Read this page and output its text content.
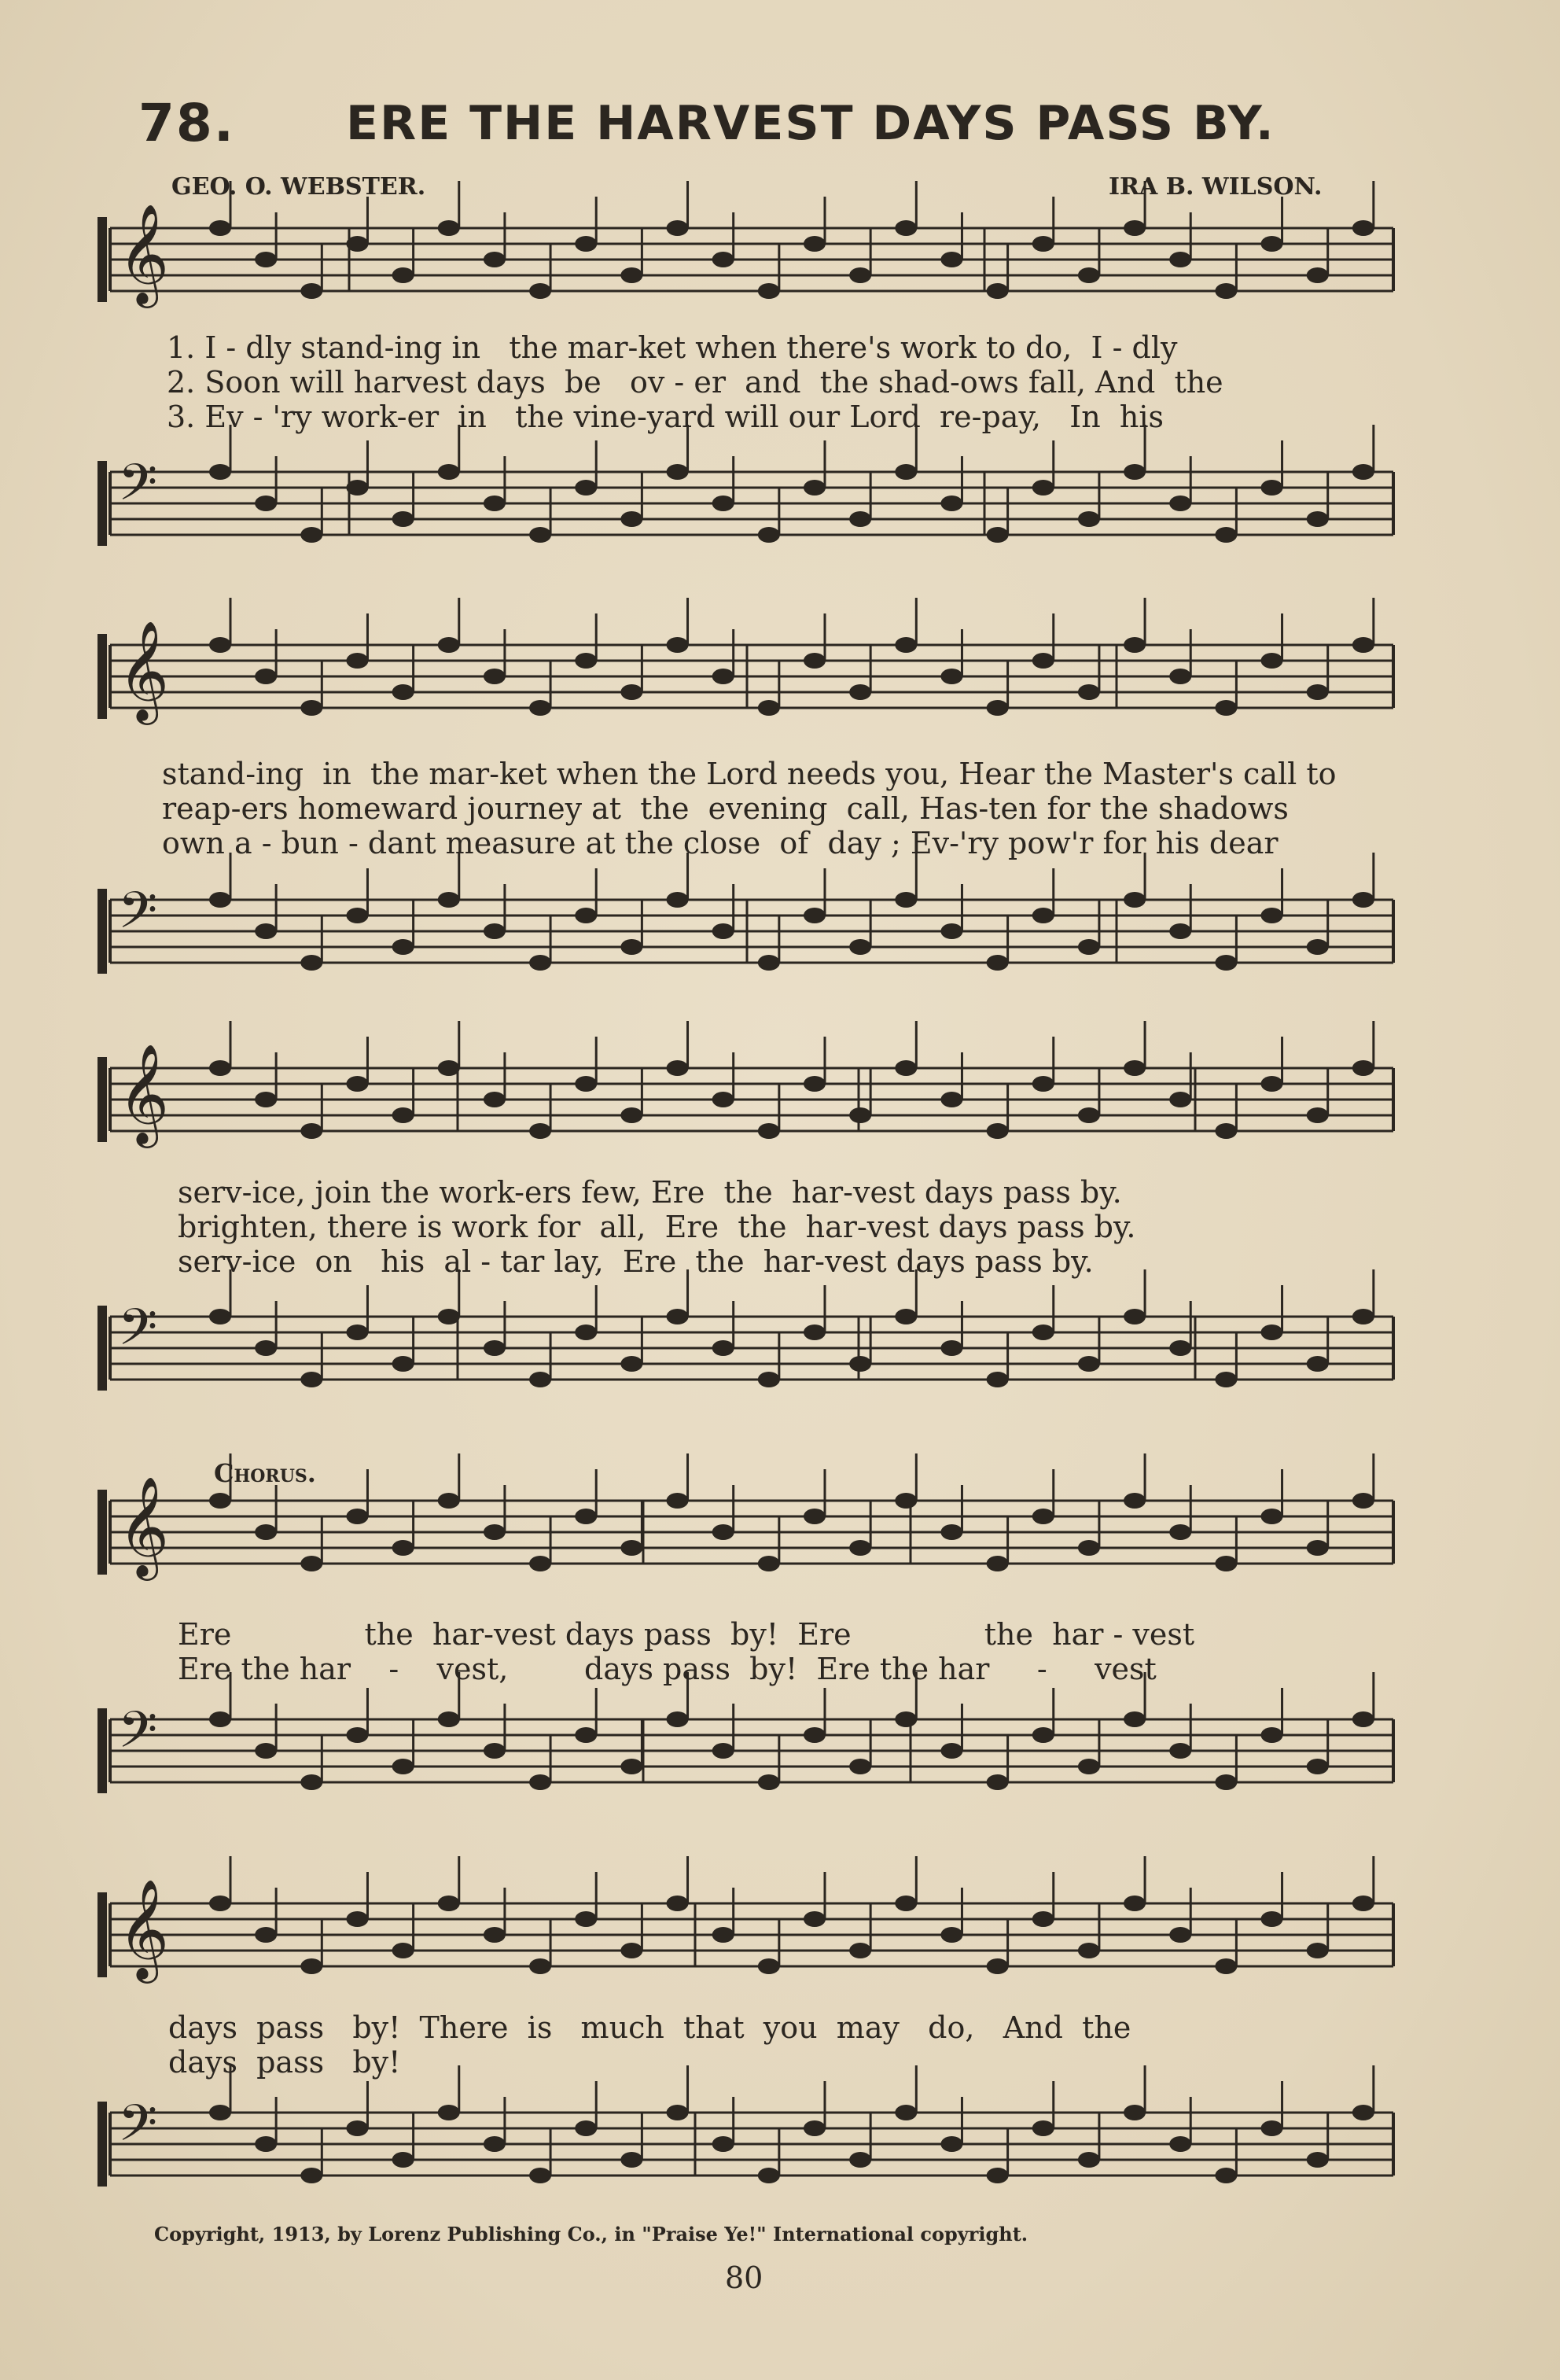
78. ERE THE HARVEST DAYS PASS BY.
GEO. O. WEBSTER.	IRA B. WILSON.
𝄞
1. I - dly stand-ing in   the mar-ket when there's work to do,  I - dly
2. Soon will harvest days  be   ov - er  and  the shad-ows fall, And  the
3. Ev - 'ry work-er  in   the vine-yard will our Lord  re-pay,   In  his
𝄢
𝄞
stand-ing  in  the mar-ket when the Lord needs you, Hear the Master's call to
reap-ers homeward journey at  the  evening  call, Has-ten for the shadows
own a - bun - dant measure at the close  of  day ; Ev-'ry pow'r for his dear
𝄢
𝄞
serv-ice, join the work-ers few, Ere  the  har-vest days pass by.
brighten, there is work for  all,  Ere  the  har-vest days pass by.
serv-ice  on   his  al - tar lay,  Ere  the  har-vest days pass by.
𝄢
Chorus.
𝄞
Ere              the  har-vest days pass  by!  Ere              the  har - vest
Ere the har    -    vest,        days pass  by!  Ere the har     -     vest
𝄢
𝄞
days  pass   by!  There  is   much  that  you  may   do,   And  the
days  pass   by!
𝄢
Copyright, 1913, by Lorenz Publishing Co., in "Praise Ye!" International copyright.
80
